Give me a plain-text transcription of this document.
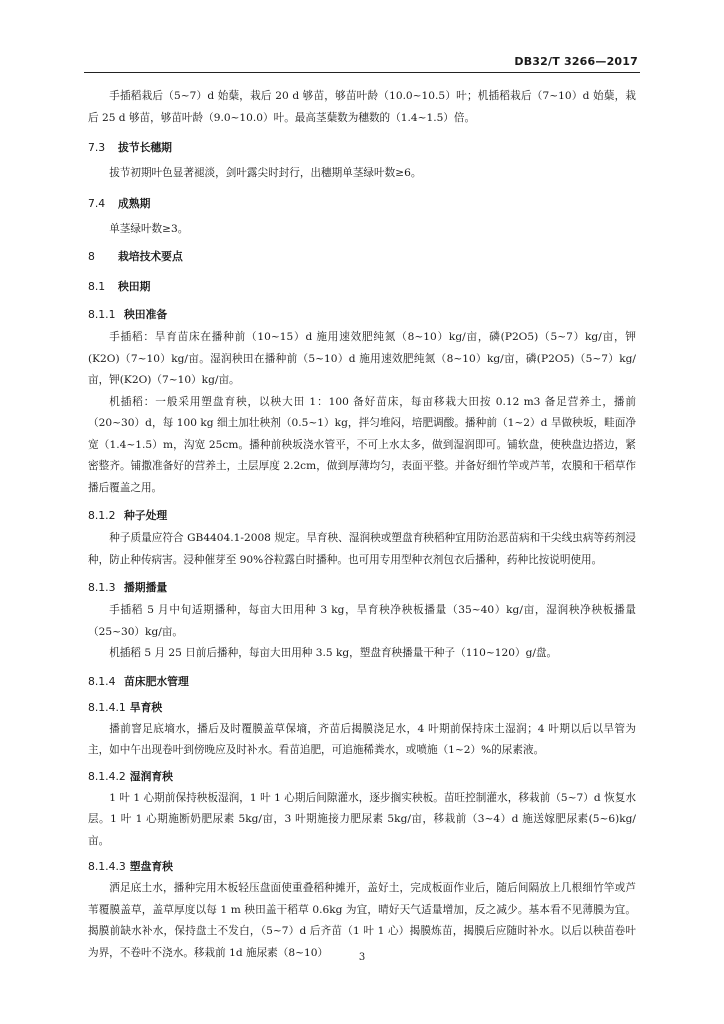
DB32/T 3266—2017

手插稻栽后（5~7）d 始蘖，栽后 20 d 够苗，够苗叶龄（10.0~10.5）叶；机插稻栽后（7~10）d 始蘖，栽后 25 d 够苗，够苗叶龄（9.0~10.0）叶。最高茎蘖数为穗数的（1.4~1.5）倍。

7.3 拔节长穗期

拔节初期叶色显著褪淡，剑叶露尖时封行，出穗期单茎绿叶数≥6。

7.4 成熟期

单茎绿叶数≥3。

8 栽培技术要点
8.1 秧田期
8.1.1 秧田准备

手插稻：旱育苗床在播种前（10~15）d 施用速效肥纯氮（8~10）kg/亩，磷(P2O5)（5~7）kg/亩，钾(K2O)（7~10）kg/亩。湿润秧田在播种前（5~10）d 施用速效肥纯氮（8~10）kg/亩，磷(P2O5)（5~7）kg/亩，钾(K2O)（7~10）kg/亩。

机插稻：一般采用塑盘育秧，以秧大田 1：100 备好苗床，每亩移栽大田按 0.12 m3 备足营养土，播前（20~30）d，每 100 kg 细土加壮秧剂（0.5~1）kg，拌匀堆闷，培肥调酸。播种前（1~2）d 旱做秧坂，畦面净宽（1.4~1.5）m，沟宽 25cm。播种前秧坂浇水管平，不可上水太多，做到湿润即可。铺软盘，使秧盘边搭边，紧密整齐。铺撒准备好的营养土，土层厚度 2.2cm，做到厚薄均匀，表面平整。并备好细竹竿或芦苇，农膜和干稻草作播后覆盖之用。

8.1.2 种子处理

种子质量应符合 GB4404.1-2008 规定。旱育秧、湿润秧或塑盘育秧稻种宜用防治恶苗病和干尖线虫病等药剂浸种，防止种传病害。浸种催芽至 90%谷粒露白时播种。也可用专用型种衣剂包衣后播种，药种比按说明使用。

8.1.3 播期播量

手插稻 5 月中旬适期播种，每亩大田用种 3 kg，旱育秧净秧板播量（35~40）kg/亩，湿润秧净秧板播量（25~30）kg/亩。

机插稻 5 月 25 日前后播种，每亩大田用种 3.5 kg，塑盘育秧播量干种子（110~120）g/盘。

8.1.4 苗床肥水管理
8.1.4.1 旱育秧

播前窨足底墒水，播后及时覆膜盖草保墒，齐苗后揭膜浇足水，4 叶期前保持床土湿润；4 叶期以后以旱管为主，如中午出现卷叶到傍晚应及时补水。看苗追肥，可追施稀粪水，或喷施（1~2）%的尿素液。

8.1.4.2 湿润育秧

1 叶 1 心期前保持秧板湿润，1 叶 1 心期后间隙灌水，逐步搁实秧板。苗旺控制灌水，移栽前（5~7）d 恢复水层。1 叶 1 心期施断奶肥尿素 5kg/亩，3 叶期施接力肥尿素 5kg/亩，移栽前（3~4）d 施送嫁肥尿素(5~6)kg/亩。

8.1.4.3 塑盘育秧

洒足底土水，播种完用木板轻压盘面使重叠稻种摊开，盖好土，完成板面作业后，随后间隔放上几根细竹竿或芦苇覆膜盖草，盖草厚度以每 1 m 秧田盖干稻草 0.6kg 为宜，晴好天气适量增加，反之减少。基本看不见薄膜为宜。揭膜前缺水补水，保持盘土不发白，（5~7）d 后齐苗（1 叶 1 心）揭膜炼苗，揭膜后应随时补水。以后以秧苗卷叶为界，不卷叶不浇水。移栽前 1d 施尿素（8~10）	3
